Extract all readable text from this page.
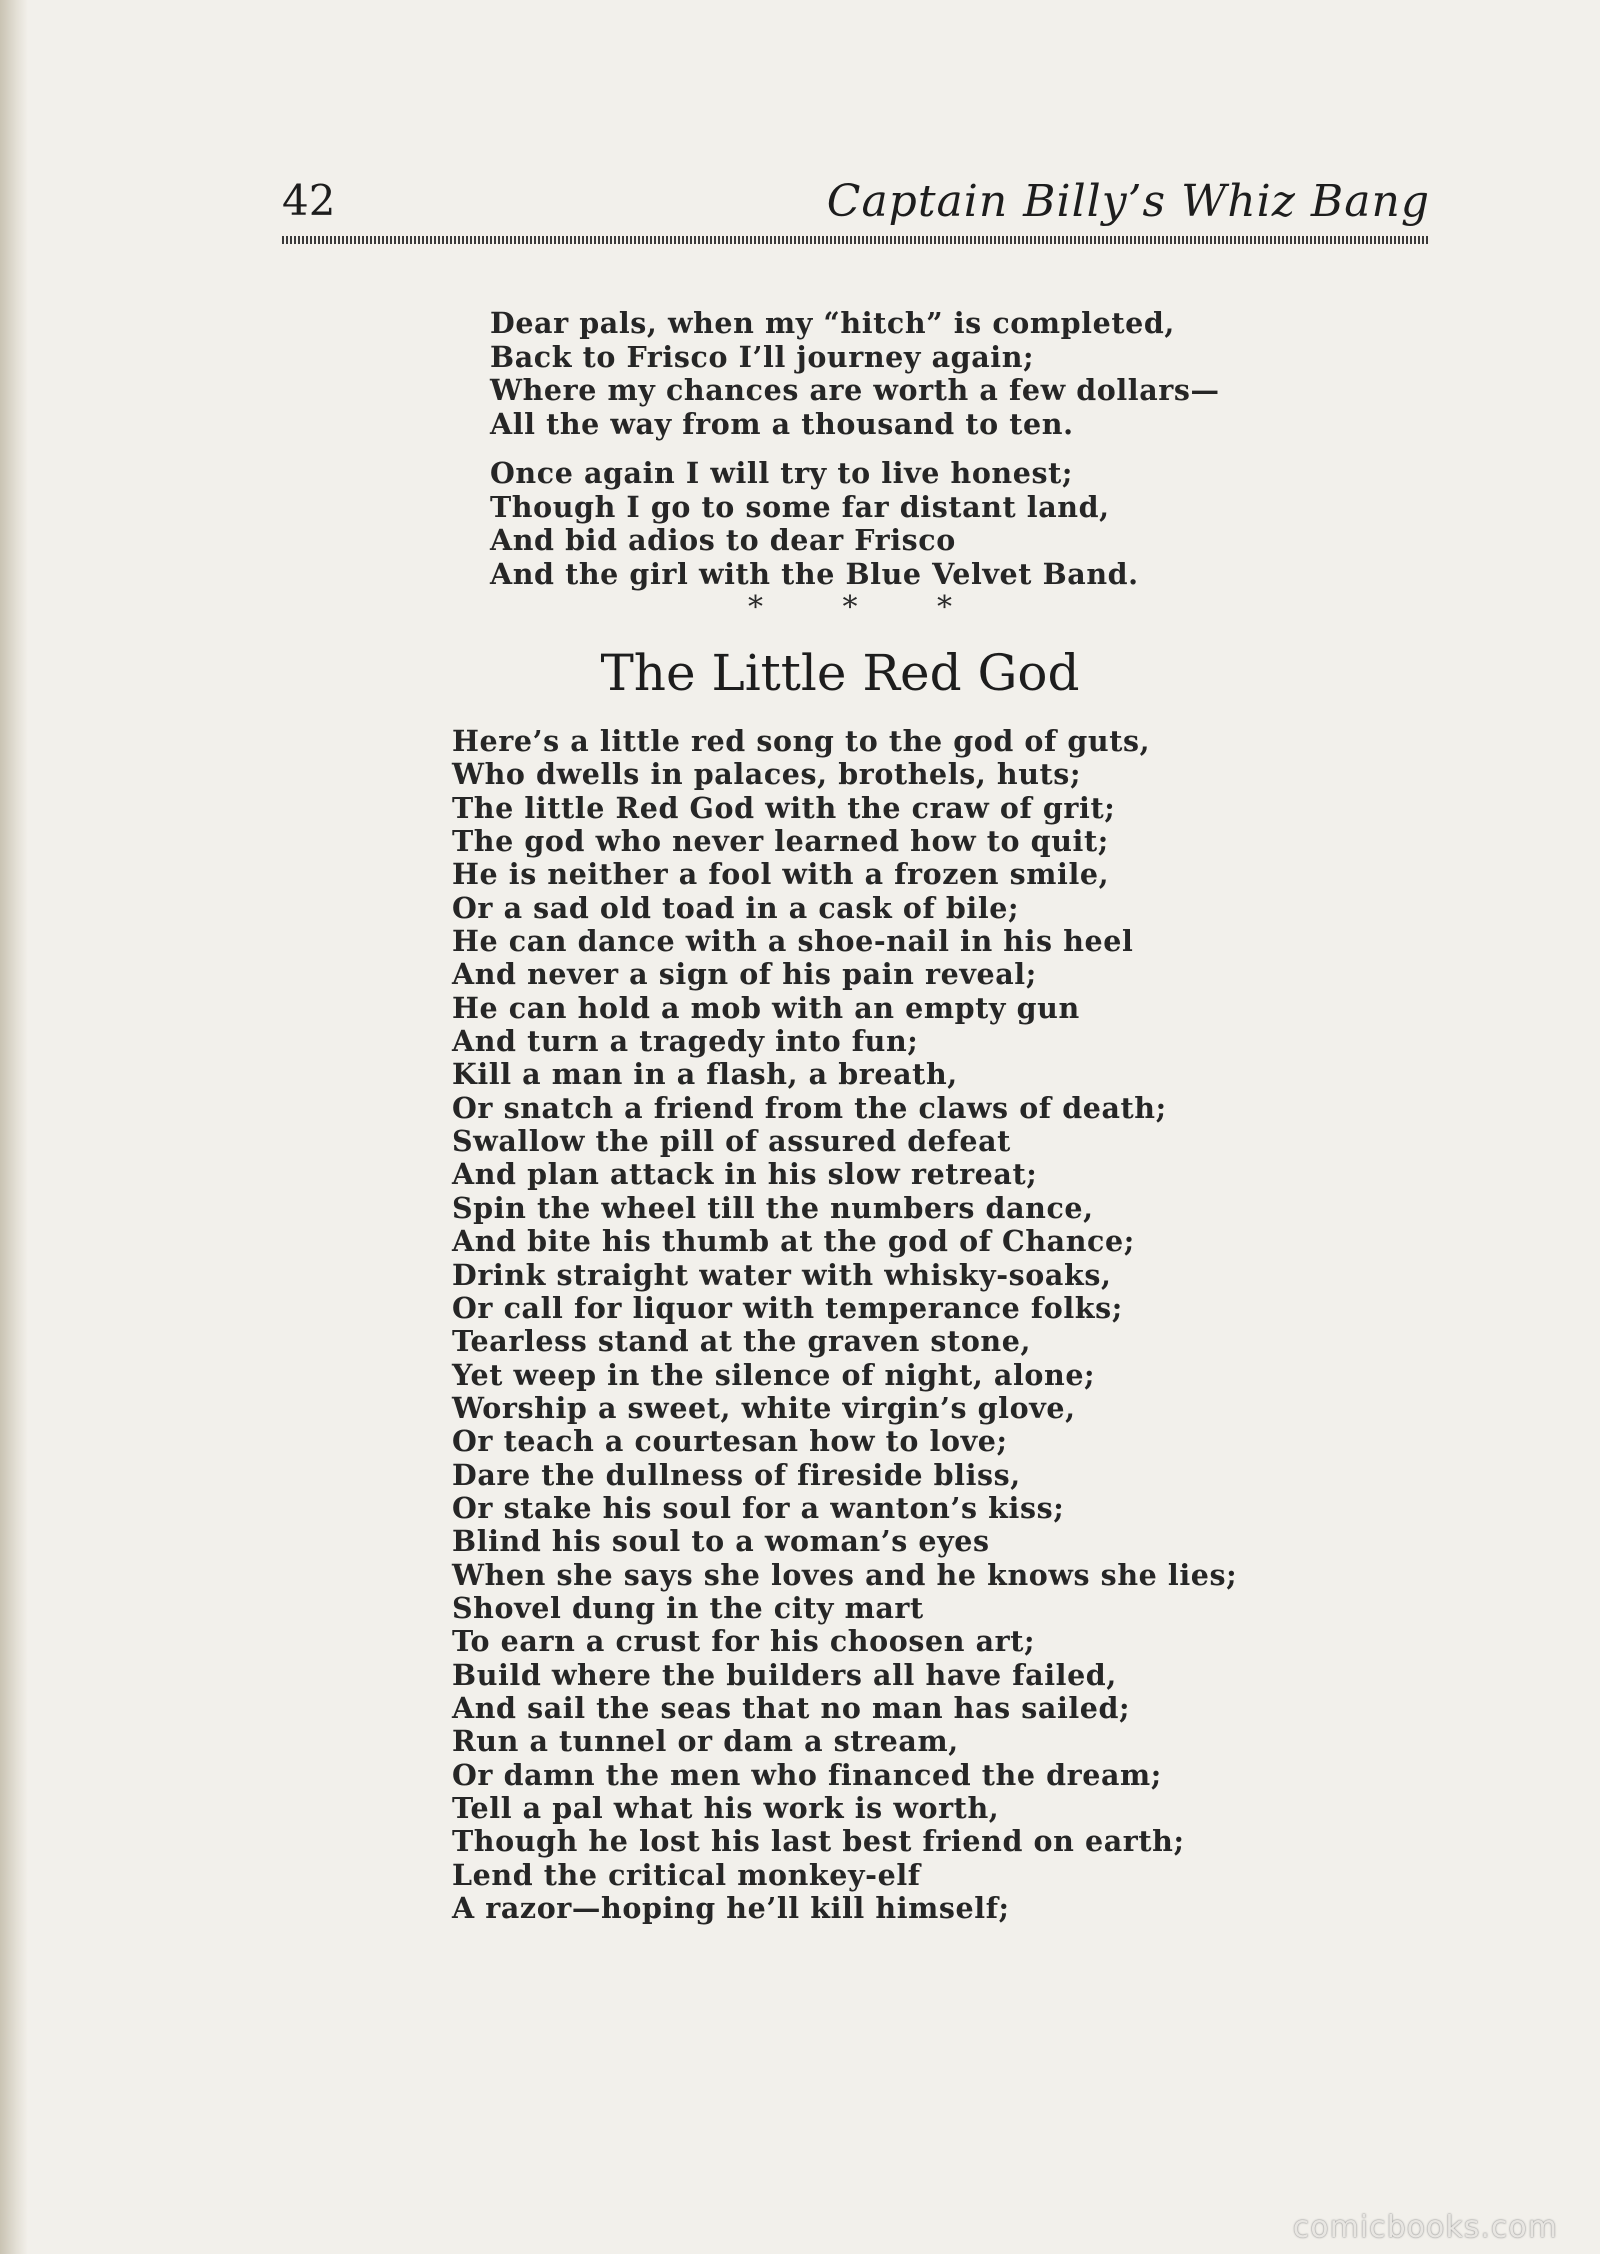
42	Captain Billy’s Whiz Bang
Dear pals, when my “hitch” is completed,
Back to Frisco I’ll journey again;
Where my chances are worth a few dollars—
All the way from a thousand to ten.
Once again I will try to live honest;
Though I go to some far distant land,
And bid adios to dear Frisco
And the girl with the Blue Velvet Band.
* * *
The Little Red God
Here’s a little red song to the god of guts,
Who dwells in palaces, brothels, huts;
The little Red God with the craw of grit;
The god who never learned how to quit;
He is neither a fool with a frozen smile,
Or a sad old toad in a cask of bile;
He can dance with a shoe-nail in his heel
And never a sign of his pain reveal;
He can hold a mob with an empty gun
And turn a tragedy into fun;
Kill a man in a flash, a breath,
Or snatch a friend from the claws of death;
Swallow the pill of assured defeat
And plan attack in his slow retreat;
Spin the wheel till the numbers dance,
And bite his thumb at the god of Chance;
Drink straight water with whisky-soaks,
Or call for liquor with temperance folks;
Tearless stand at the graven stone,
Yet weep in the silence of night, alone;
Worship a sweet, white virgin’s glove,
Or teach a courtesan how to love;
Dare the dullness of fireside bliss,
Or stake his soul for a wanton’s kiss;
Blind his soul to a woman’s eyes
When she says she loves and he knows she lies;
Shovel dung in the city mart
To earn a crust for his choosen art;
Build where the builders all have failed,
And sail the seas that no man has sailed;
Run a tunnel or dam a stream,
Or damn the men who financed the dream;
Tell a pal what his work is worth,
Though he lost his last best friend on earth;
Lend the critical monkey-elf
A razor—hoping he’ll kill himself;
comicbooks.com
